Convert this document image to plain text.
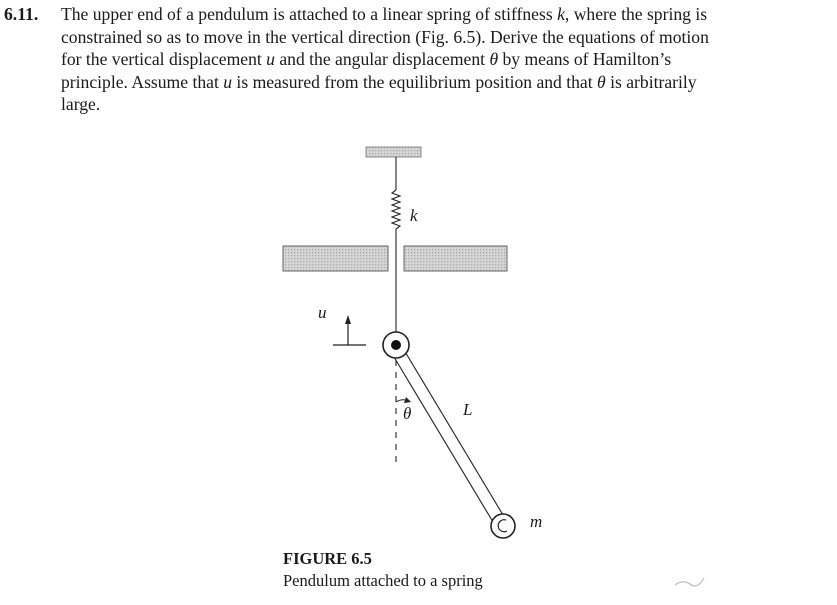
6.11. The upper end of a pendulum is attached to a linear spring of stiffness k, where the spring is
constrained so as to move in the vertical direction (Fig. 6.5). Derive the equations of motion
for the vertical displacement u and the angular displacement θ by means of Hamilton’s
principle. Assume that u is measured from the equilibrium position and that θ is arbitrarily
large.
k
u
θ	L
m
FIGURE 6.5
Pendulum attached to a spring
